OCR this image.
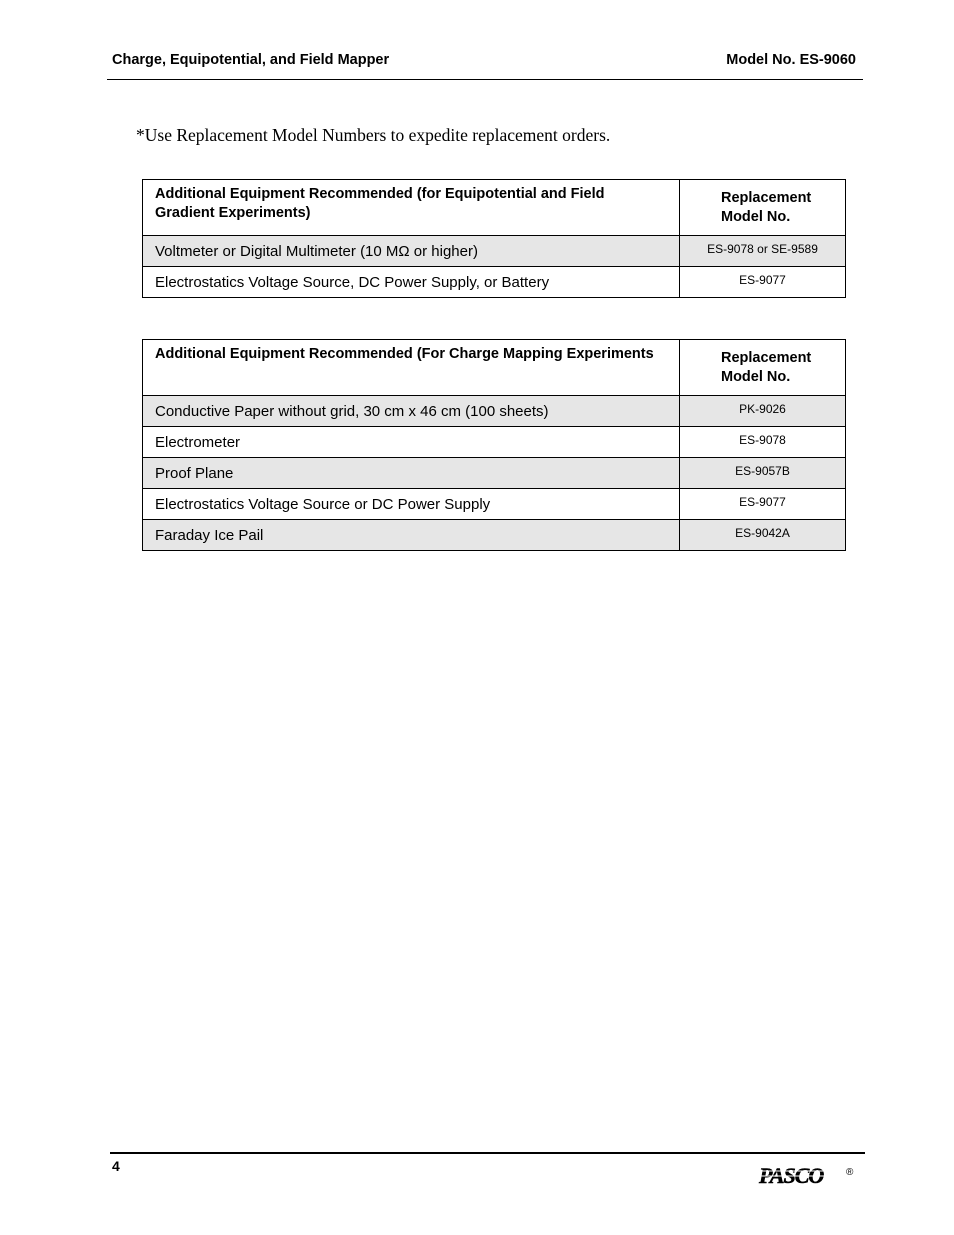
Charge, Equipotential, and Field Mapper	Model No. ES-9060
*Use Replacement Model Numbers to expedite replacement orders.
Additional Equipment Recommended (for Equipotential and Field Gradient Experiments)	Replacement Model No.
Voltmeter or Digital Multimeter (10 MΩ or higher)	ES-9078 or SE-9589
Electrostatics Voltage Source, DC Power Supply, or Battery	ES-9077
Additional Equipment Recommended (For Charge Mapping Experiments	Replacement Model No.
Conductive Paper without grid, 30 cm x 46 cm (100 sheets)	PK-9026
Electrometer	ES-9078
Proof Plane	ES-9057B
Electrostatics Voltage Source or DC Power Supply	ES-9077
Faraday Ice Pail	ES-9042A
4	PASCO ®
